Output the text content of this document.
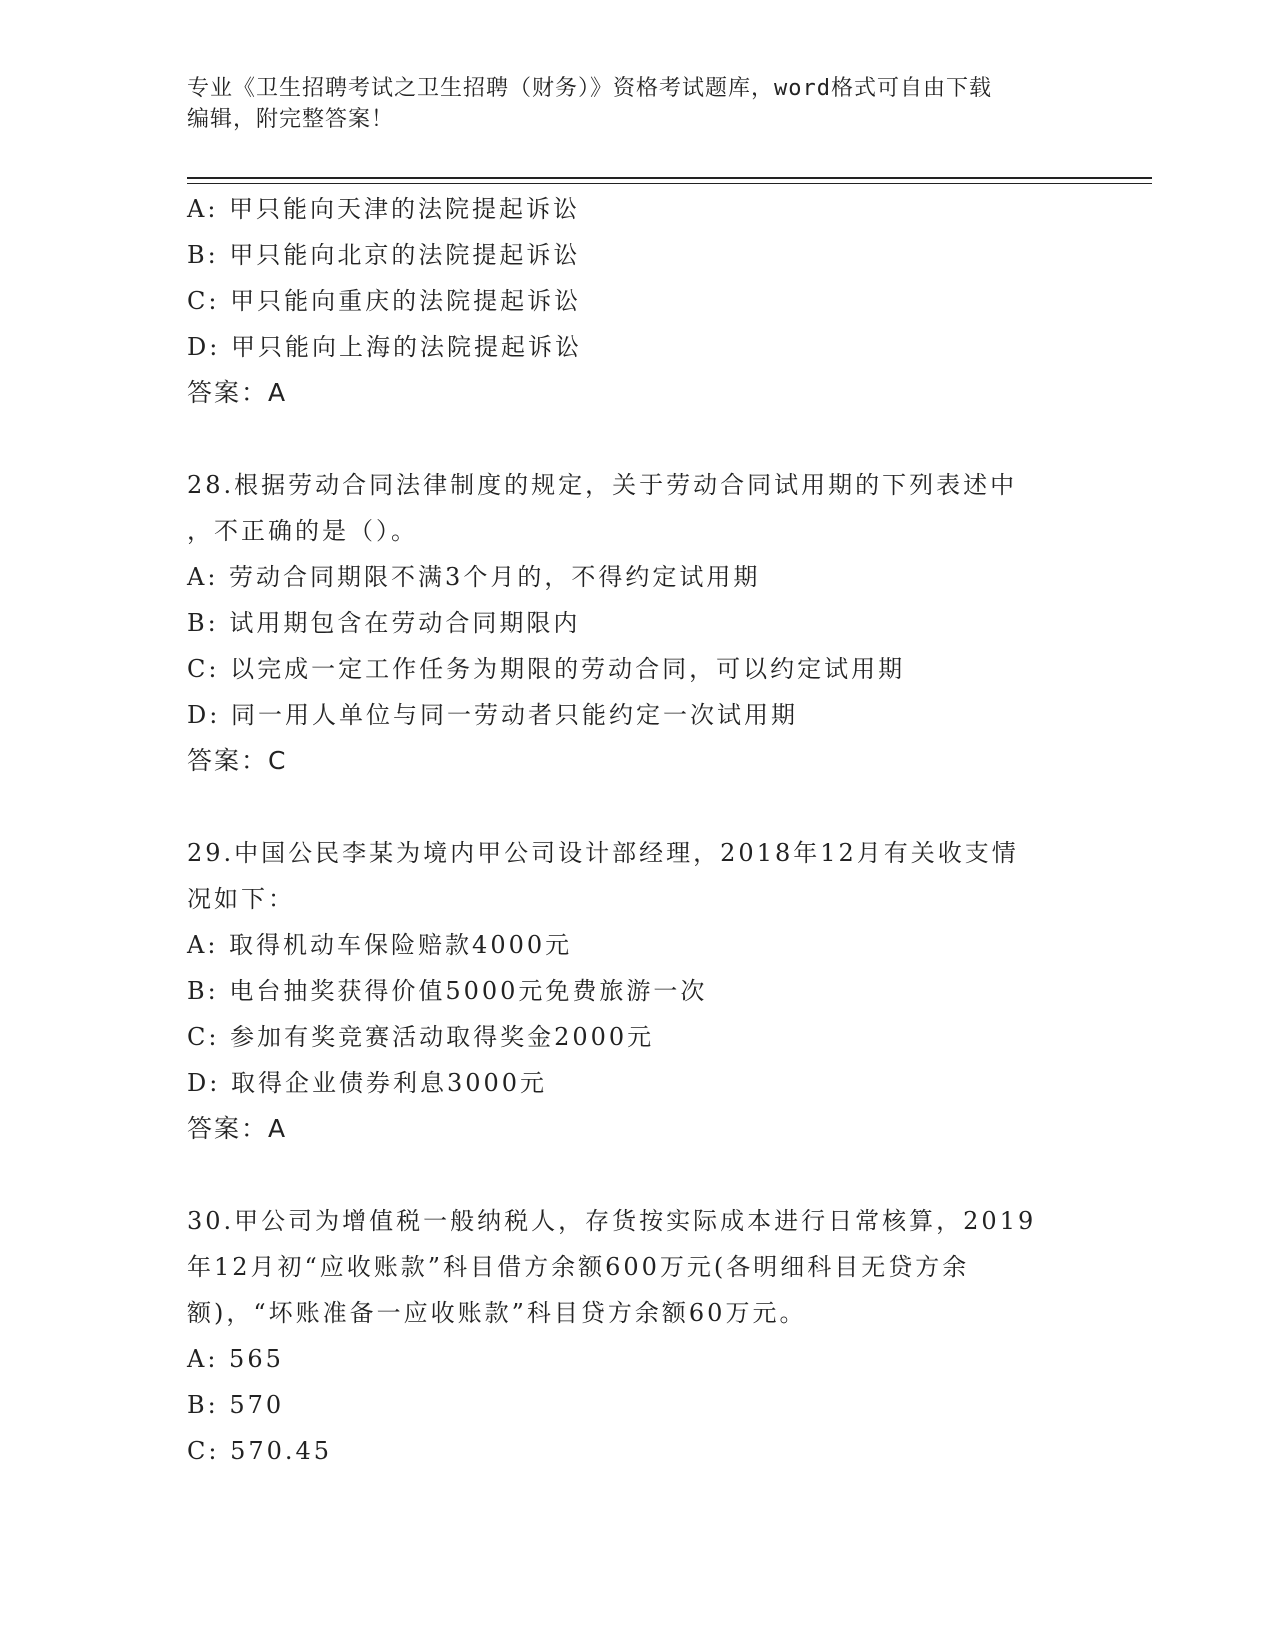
专业《卫生招聘考试之卫生招聘（财务）》资格考试题库，word格式可自由下载
编辑，附完整答案！
A: 甲只能向天津的法院提起诉讼
B: 甲只能向北京的法院提起诉讼
C: 甲只能向重庆的法院提起诉讼
D: 甲只能向上海的法院提起诉讼
答案：A
28.根据劳动合同法律制度的规定，关于劳动合同试用期的下列表述中
，不正确的是（）。
A: 劳动合同期限不满3个月的，不得约定试用期
B: 试用期包含在劳动合同期限内
C: 以完成一定工作任务为期限的劳动合同，可以约定试用期
D: 同一用人单位与同一劳动者只能约定一次试用期
答案：C
29.中国公民李某为境内甲公司设计部经理，2018年12月有关收支情
况如下：
A: 取得机动车保险赔款4000元
B: 电台抽奖获得价值5000元免费旅游一次
C: 参加有奖竞赛活动取得奖金2000元
D: 取得企业债券利息3000元
答案：A
30.甲公司为增值税一般纳税人，存货按实际成本进行日常核算，2019
年12月初“应收账款”科目借方余额600万元(各明细科目无贷方余
额)，“坏账准备一应收账款”科目贷方余额60万元。
A: 565
B: 570
C: 570.45
